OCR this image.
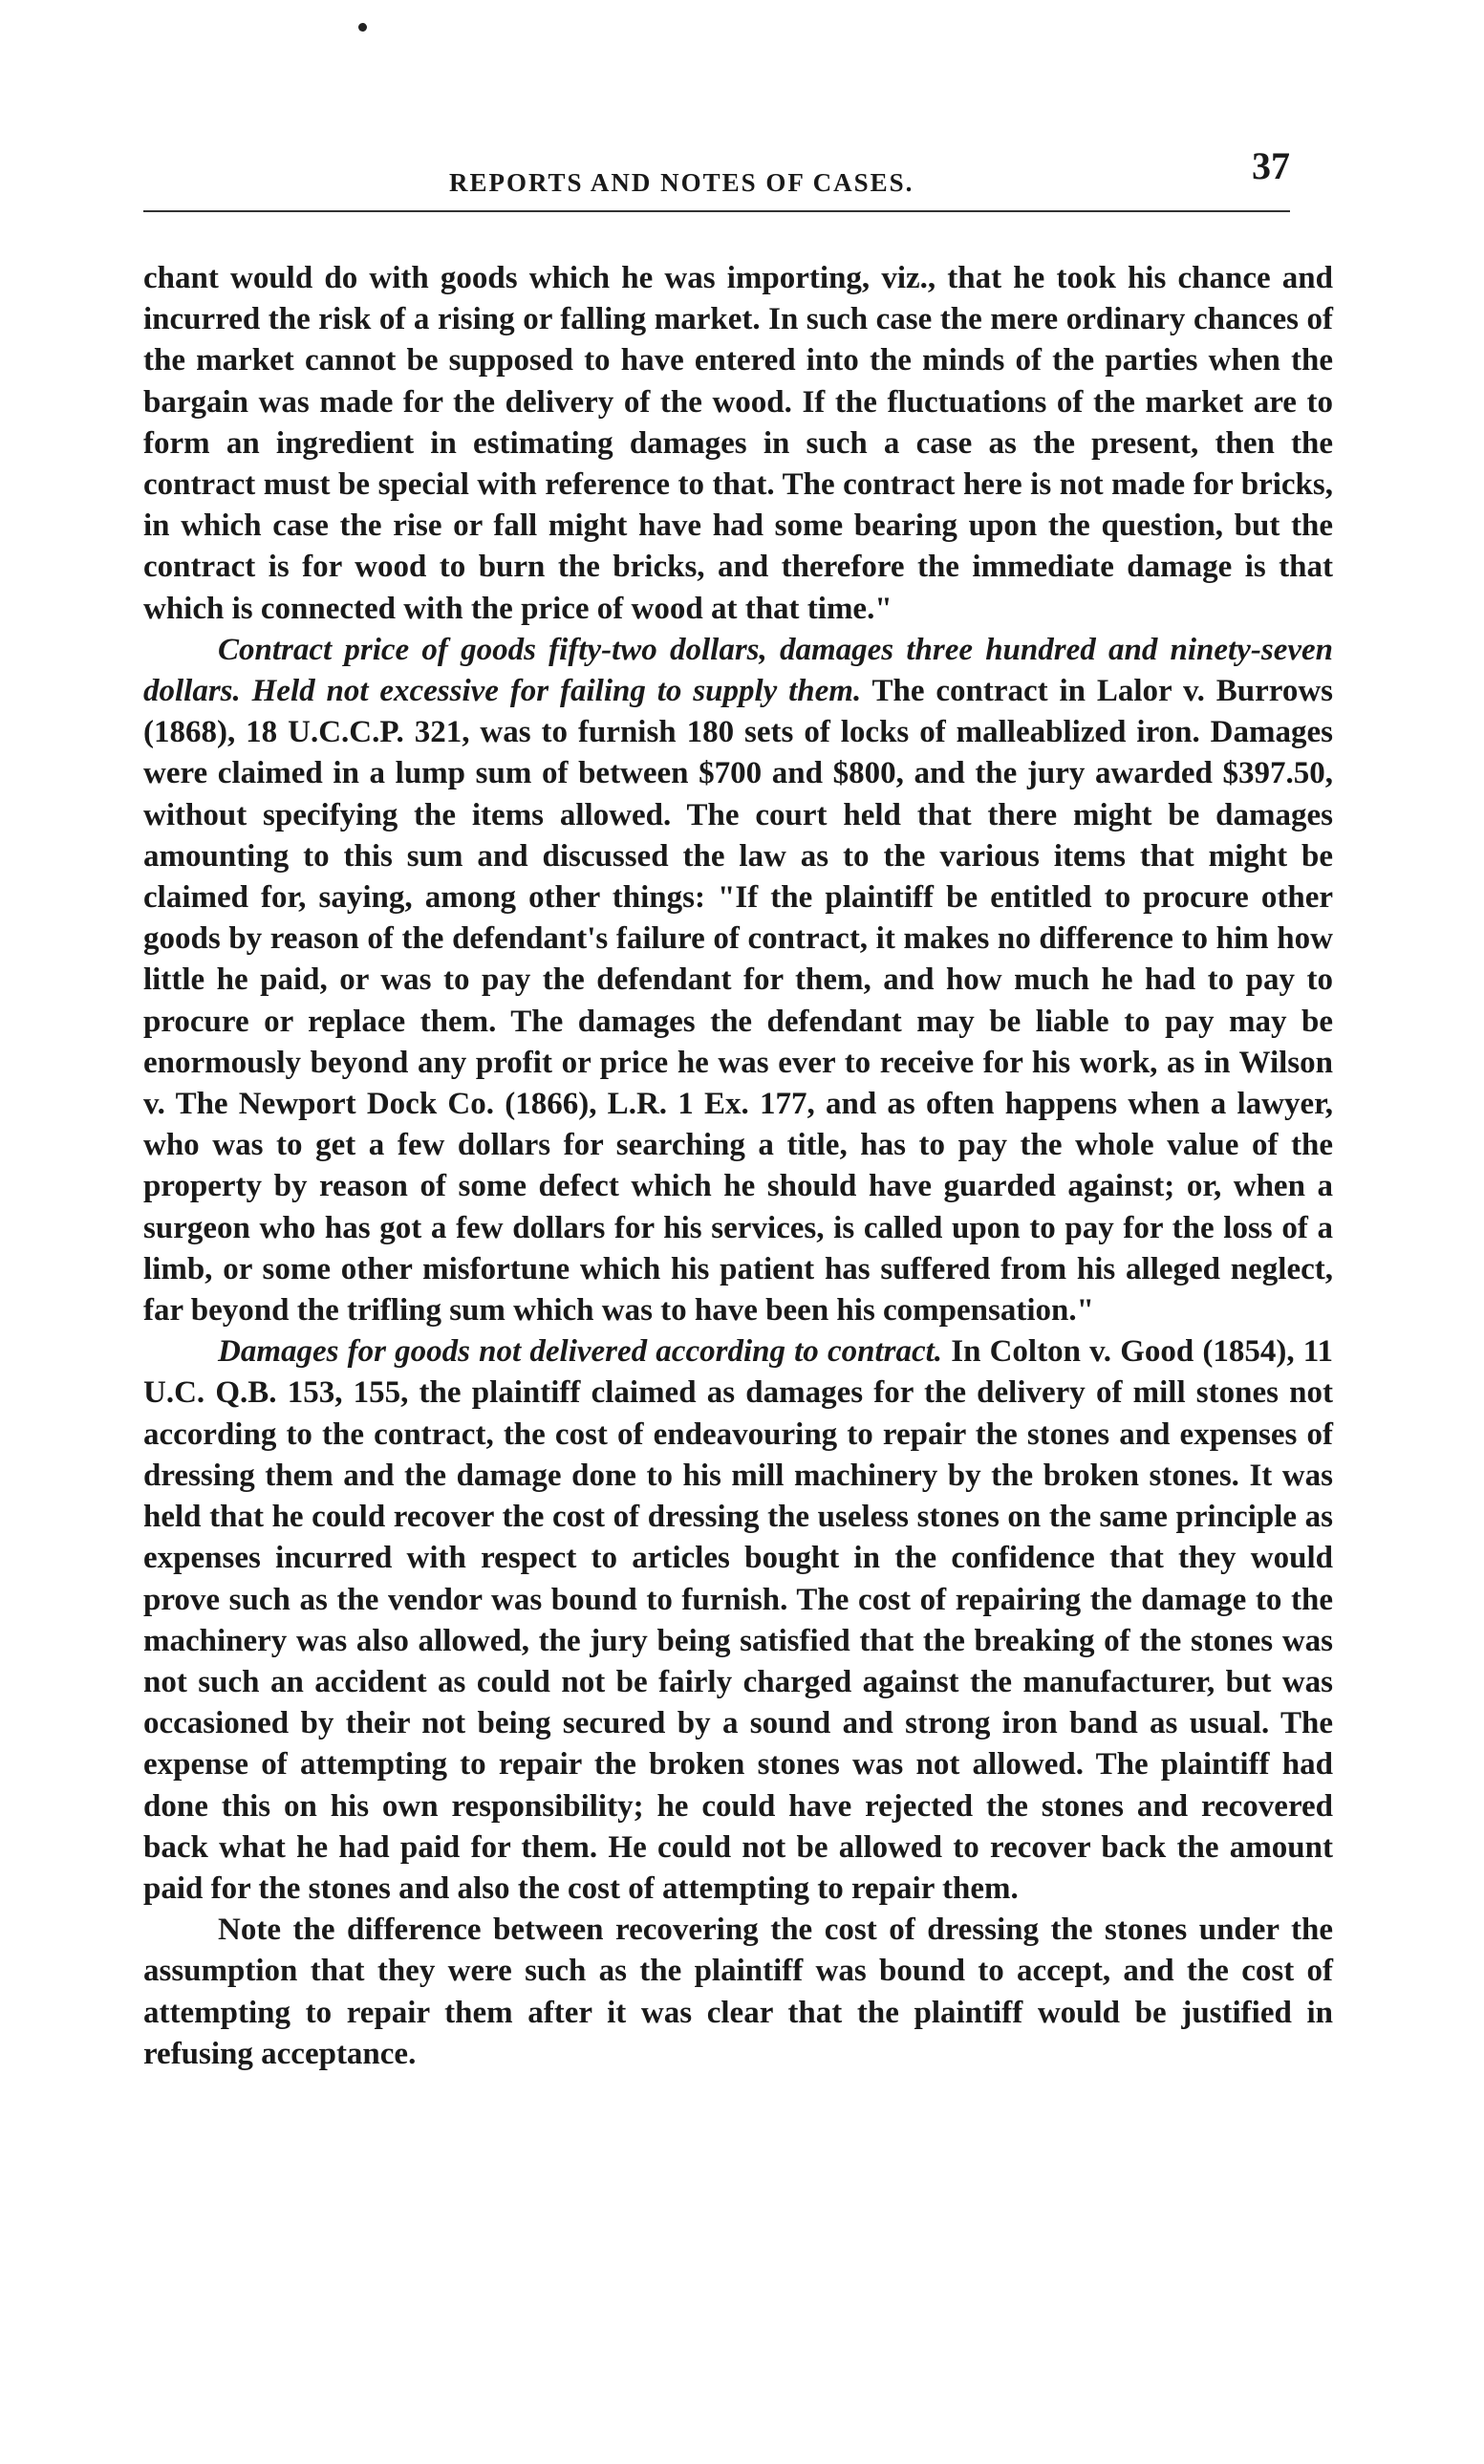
REPORTS AND NOTES OF CASES.	37

chant would do with goods which he was importing, viz., that he took his chance and incurred the risk of a rising or falling market. In such case the mere ordinary chances of the market cannot be supposed to have entered into the minds of the parties when the bargain was made for the delivery of the wood. If the fluctuations of the market are to form an ingredient in estimating damages in such a case as the present, then the contract must be special with reference to that. The contract here is not made for bricks, in which case the rise or fall might have had some bearing upon the question, but the contract is for wood to burn the bricks, and therefore the immediate damage is that which is connected with the price of wood at that time."

Contract price of goods fifty-two dollars, damages three hundred and ninety-seven dollars. Held not excessive for failing to supply them. The contract in Lalor v. Burrows (1868), 18 U.C.C.P. 321, was to furnish 180 sets of locks of malleablized iron. Damages were claimed in a lump sum of between $700 and $800, and the jury awarded $397.50, without specifying the items allowed. The court held that there might be damages amounting to this sum and discussed the law as to the various items that might be claimed for, saying, among other things: "If the plaintiff be entitled to procure other goods by reason of the defendant's failure of contract, it makes no difference to him how little he paid, or was to pay the defendant for them, and how much he had to pay to procure or replace them. The damages the defendant may be liable to pay may be enormously beyond any profit or price he was ever to receive for his work, as in Wilson v. The Newport Dock Co. (1866), L.R. 1 Ex. 177, and as often happens when a lawyer, who was to get a few dollars for searching a title, has to pay the whole value of the property by reason of some defect which he should have guarded against; or, when a surgeon who has got a few dollars for his services, is called upon to pay for the loss of a limb, or some other misfortune which his patient has suffered from his alleged neglect, far beyond the trifling sum which was to have been his compensation."

Damages for goods not delivered according to contract. In Colton v. Good (1854), 11 U.C. Q.B. 153, 155, the plaintiff claimed as damages for the delivery of mill stones not according to the contract, the cost of endeavouring to repair the stones and expenses of dressing them and the damage done to his mill machinery by the broken stones. It was held that he could recover the cost of dressing the useless stones on the same principle as expenses incurred with respect to articles bought in the confidence that they would prove such as the vendor was bound to furnish. The cost of repairing the damage to the machinery was also allowed, the jury being satisfied that the breaking of the stones was not such an accident as could not be fairly charged against the manufacturer, but was occasioned by their not being secured by a sound and strong iron band as usual. The expense of attempting to repair the broken stones was not allowed. The plaintiff had done this on his own responsibility; he could have rejected the stones and recovered back what he had paid for them. He could not be allowed to recover back the amount paid for the stones and also the cost of attempting to repair them.

Note the difference between recovering the cost of dressing the stones under the assumption that they were such as the plaintiff was bound to accept, and the cost of attempting to repair them after it was clear that the plaintiff would be justified in refusing acceptance.
